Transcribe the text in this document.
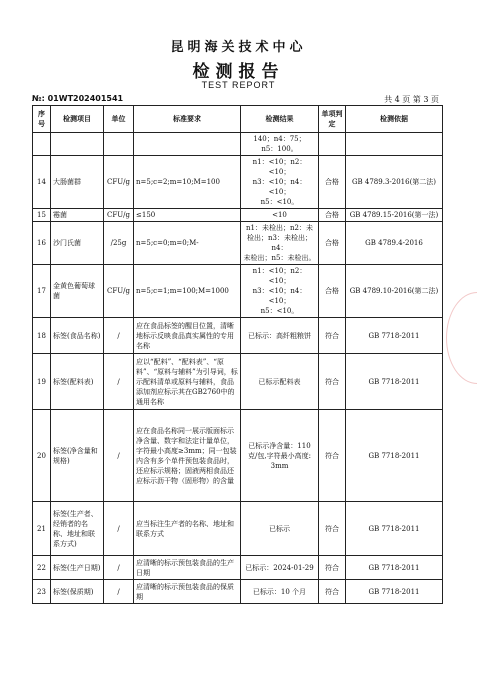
昆明海关技术中心
检测报告
TEST REPORT
№: 01WT202401541	共 4 页 第 3 页
序号	检测项目	单位	标准要求	检测结果	单项判定	检测依据

				140；n4：75；
n5：100。		

14	大肠菌群	CFU/g	n=5;c=2;m=10;M=100	n1：<10；n2：<10；
n3：<10；n4：<10；
n5：<10。	合格	GB 4789.3-2016(第二法)
15	霉菌	CFU/g	≤150	<10	合格	GB 4789.15-2016(第一法)
16	沙门氏菌	/25g	n=5;c=0;m=0;M-	n1：未检出；n2：未
检出；n3：未检出；n4：
未检出；n5：未检出。	合格	GB 4789.4-2016
17	金黄色葡萄球菌	CFU/g	n=5;c=1;m=100;M=1000	n1：<10；n2：<10；
n3：<10；n4：<10；
n5：<10。	合格	GB 4789.10-2016(第二法)
18	标签(食品名称)	/	应在食品标签的醒目位置，清晰地标示反映食品真实属性的专用名称	已标示：高纤粗粮饼	符合	GB 7718-2011
19	标签(配料表)	/	应以“配料”、“配料表”、“原料”、“原料与辅料”为引导词，标示配料清单或原料与辅料，食品添加剂应标示其在GB2760中的通用名称	已标示配料表	符合	GB 7718-2011
20	标签(净含量和规格)	/	应在食品名称同一展示版面标示净含量、数字和法定计量单位，字符最小高度≥3mm；同一包装内含有多个单件预包装食品时，还应标示规格；固液两相食品还应标示沥干物（固形物）的含量	已标示净含量：110
克/包,字符最小高度:
3mm	符合	GB 7718-2011
21	标签(生产者、经销者的名称、地址和联系方式)	/	应当标注生产者的名称、地址和联系方式	已标示	符合	GB 7718-2011
22	标签(生产日期)	/	应清晰的标示预包装食品的生产日期	已标示：2024-01-29	符合	GB 7718-2011
23	标签(保质期)	/	应清晰的标示预包装食品的保质期	已标示：10 个月	符合	GB 7718-2011
